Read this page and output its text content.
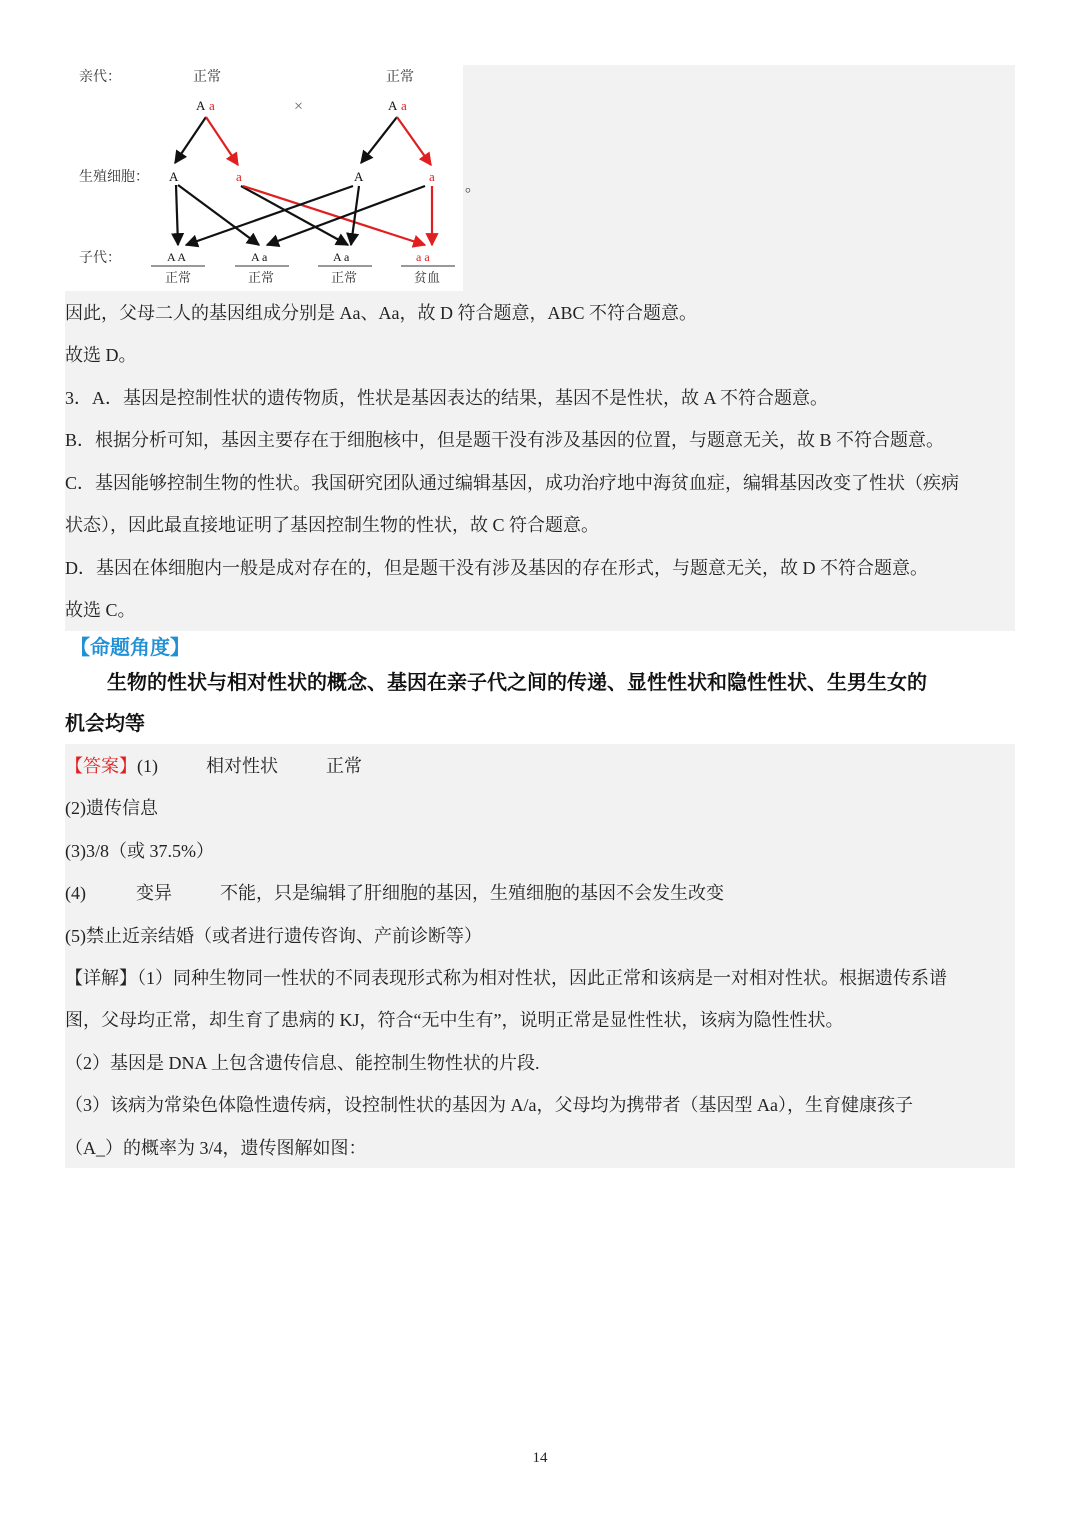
亲代：	正常	正常
×
生殖细胞：
子代：
A a	A a
A	a	A	a
A A	A a	A a	a a
正常	正常	正常	贫血
。
因此，父母二人的基因组成分别是 Aa、Aa，故 D 符合题意，ABC 不符合题意。
故选 D。
3．A．基因是控制性状的遗传物质，性状是基因表达的结果，基因不是性状，故 A 不符合题意。
B．根据分析可知，基因主要存在于细胞核中，但是题干没有涉及基因的位置，与题意无关，故 B 不符合题意。
C．基因能够控制生物的性状。我国研究团队通过编辑基因，成功治疗地中海贫血症，编辑基因改变了性状（疾病
状态），因此最直接地证明了基因控制生物的性状，故 C 符合题意。
D．基因在体细胞内一般是成对存在的，但是题干没有涉及基因的存在形式，与题意无关，故 D 不符合题意。
故选 C。
【命题角度】
生物的性状与相对性状的概念、基因在亲子代之间的传递、显性性状和隐性性状、生男生女的
机会均等
【答案】(1)	相对性状	正常
(2)遗传信息
(3)3/8（或 37.5%）
(4)	变异	不能，只是编辑了肝细胞的基因，生殖细胞的基因不会发生改变
(5)禁止近亲结婚（或者进行遗传咨询、产前诊断等）
【详解】（1）同种生物同一性状的不同表现形式称为相对性状，因此正常和该病是一对相对性状。根据遗传系谱
图，父母均正常，却生育了患病的 KJ，符合“无中生有”，说明正常是显性性状，该病为隐性性状。
（2）基因是 DNA 上包含遗传信息、能控制生物性状的片段.
（3）该病为常染色体隐性遗传病，设控制性状的基因为 A/a，父母均为携带者（基因型 Aa），生育健康孩子
（A_）的概率为 3/4，遗传图解如图：
14
